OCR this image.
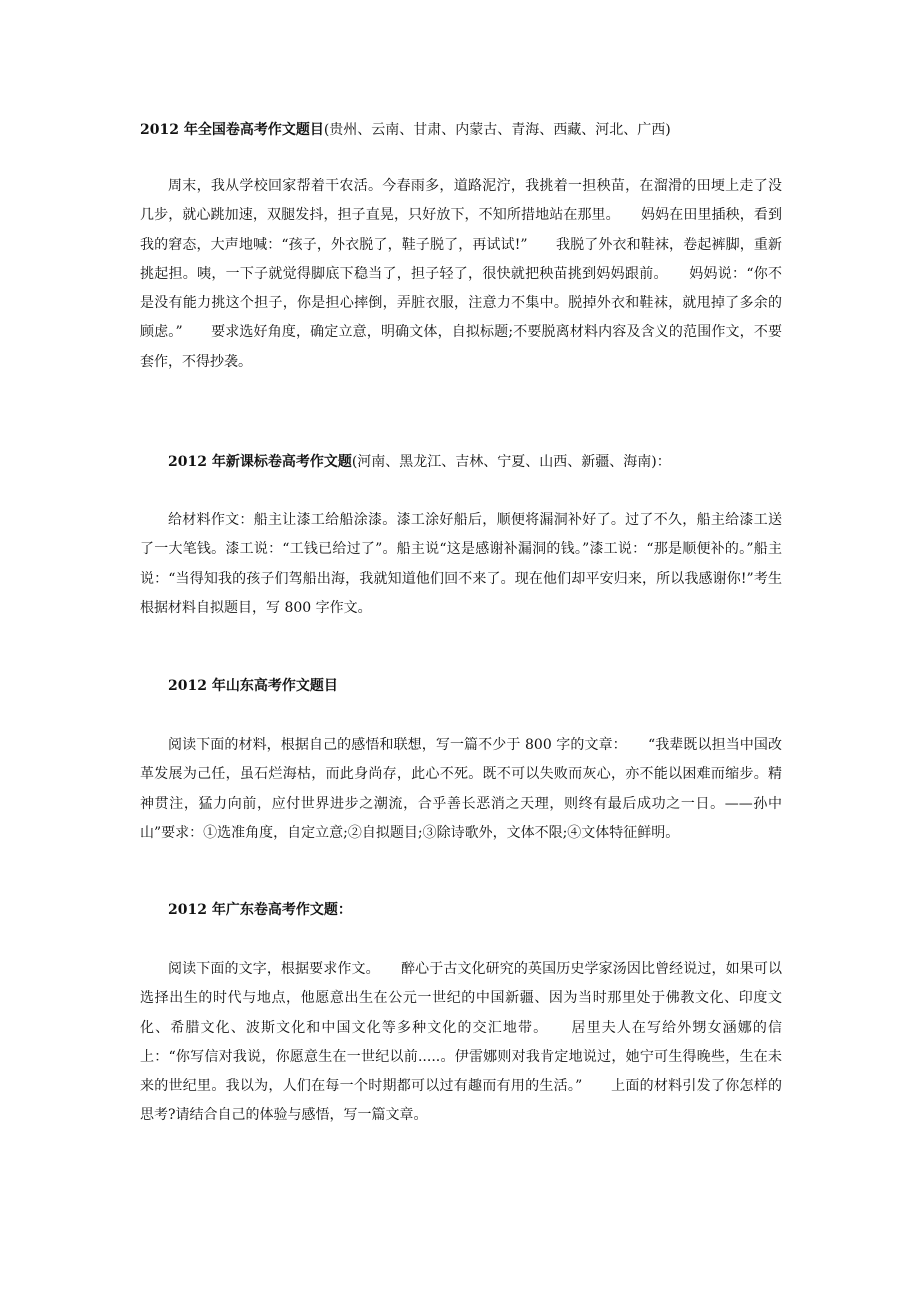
2012 年全国卷高考作文题目(贵州、云南、甘肃、内蒙古、青海、西藏、河北、广西)
周末，我从学校回家帮着干农活。今春雨多，道路泥泞，我挑着一担秧苗，在溜滑的田埂上走了没几步，就心跳加速，双腿发抖，担子直晃，只好放下，不知所措地站在那里。　　妈妈在田里插秧，看到我的窘态，大声地喊：“孩子，外衣脱了，鞋子脱了，再试试!”　　我脱了外衣和鞋袜，卷起裤脚，重新挑起担。咦，一下子就觉得脚底下稳当了，担子轻了，很快就把秧苗挑到妈妈跟前。　　妈妈说：“你不是没有能力挑这个担子，你是担心摔倒，弄脏衣服，注意力不集中。脱掉外衣和鞋袜，就甩掉了多余的顾虑。”　　要求选好角度，确定立意，明确文体，自拟标题;不要脱离材料内容及含义的范围作文，不要套作，不得抄袭。
2012 年新课标卷高考作文题(河南、黑龙江、吉林、宁夏、山西、新疆、海南)：
给材料作文：船主让漆工给船涂漆。漆工涂好船后，顺便将漏洞补好了。过了不久，船主给漆工送了一大笔钱。漆工说：“工钱已给过了”。船主说“这是感谢补漏洞的钱。”漆工说：“那是顺便补的。”船主说：“当得知我的孩子们驾船出海，我就知道他们回不来了。现在他们却平安归来，所以我感谢你!”考生根据材料自拟题目，写 800 字作文。
2012 年山东高考作文题目
阅读下面的材料，根据自己的感悟和联想，写一篇不少于 800 字的文章：　　“我辈既以担当中国改革发展为己任，虽石烂海枯，而此身尚存，此心不死。既不可以失败而灰心，亦不能以困难而缩步。精神贯注，猛力向前，应付世界进步之潮流，合乎善长恶消之天理，则终有最后成功之一日。——孙中山”要求：①选准角度，自定立意;②自拟题目;③除诗歌外，文体不限;④文体特征鲜明。
2012 年广东卷高考作文题：
阅读下面的文字，根据要求作文。　　醉心于古文化研究的英国历史学家汤因比曾经说过，如果可以选择出生的时代与地点，他愿意出生在公元一世纪的中国新疆、因为当时那里处于佛教文化、印度文化、希腊文化、波斯文化和中国文化等多种文化的交汇地带。　　居里夫人在写给外甥女涵娜的信上：“你写信对我说，你愿意生在一世纪以前.....。伊雷娜则对我肯定地说过，她宁可生得晚些，生在未来的世纪里。我以为，人们在每一个时期都可以过有趣而有用的生活。”　　上面的材料引发了你怎样的思考?请结合自己的体验与感悟，写一篇文章。
